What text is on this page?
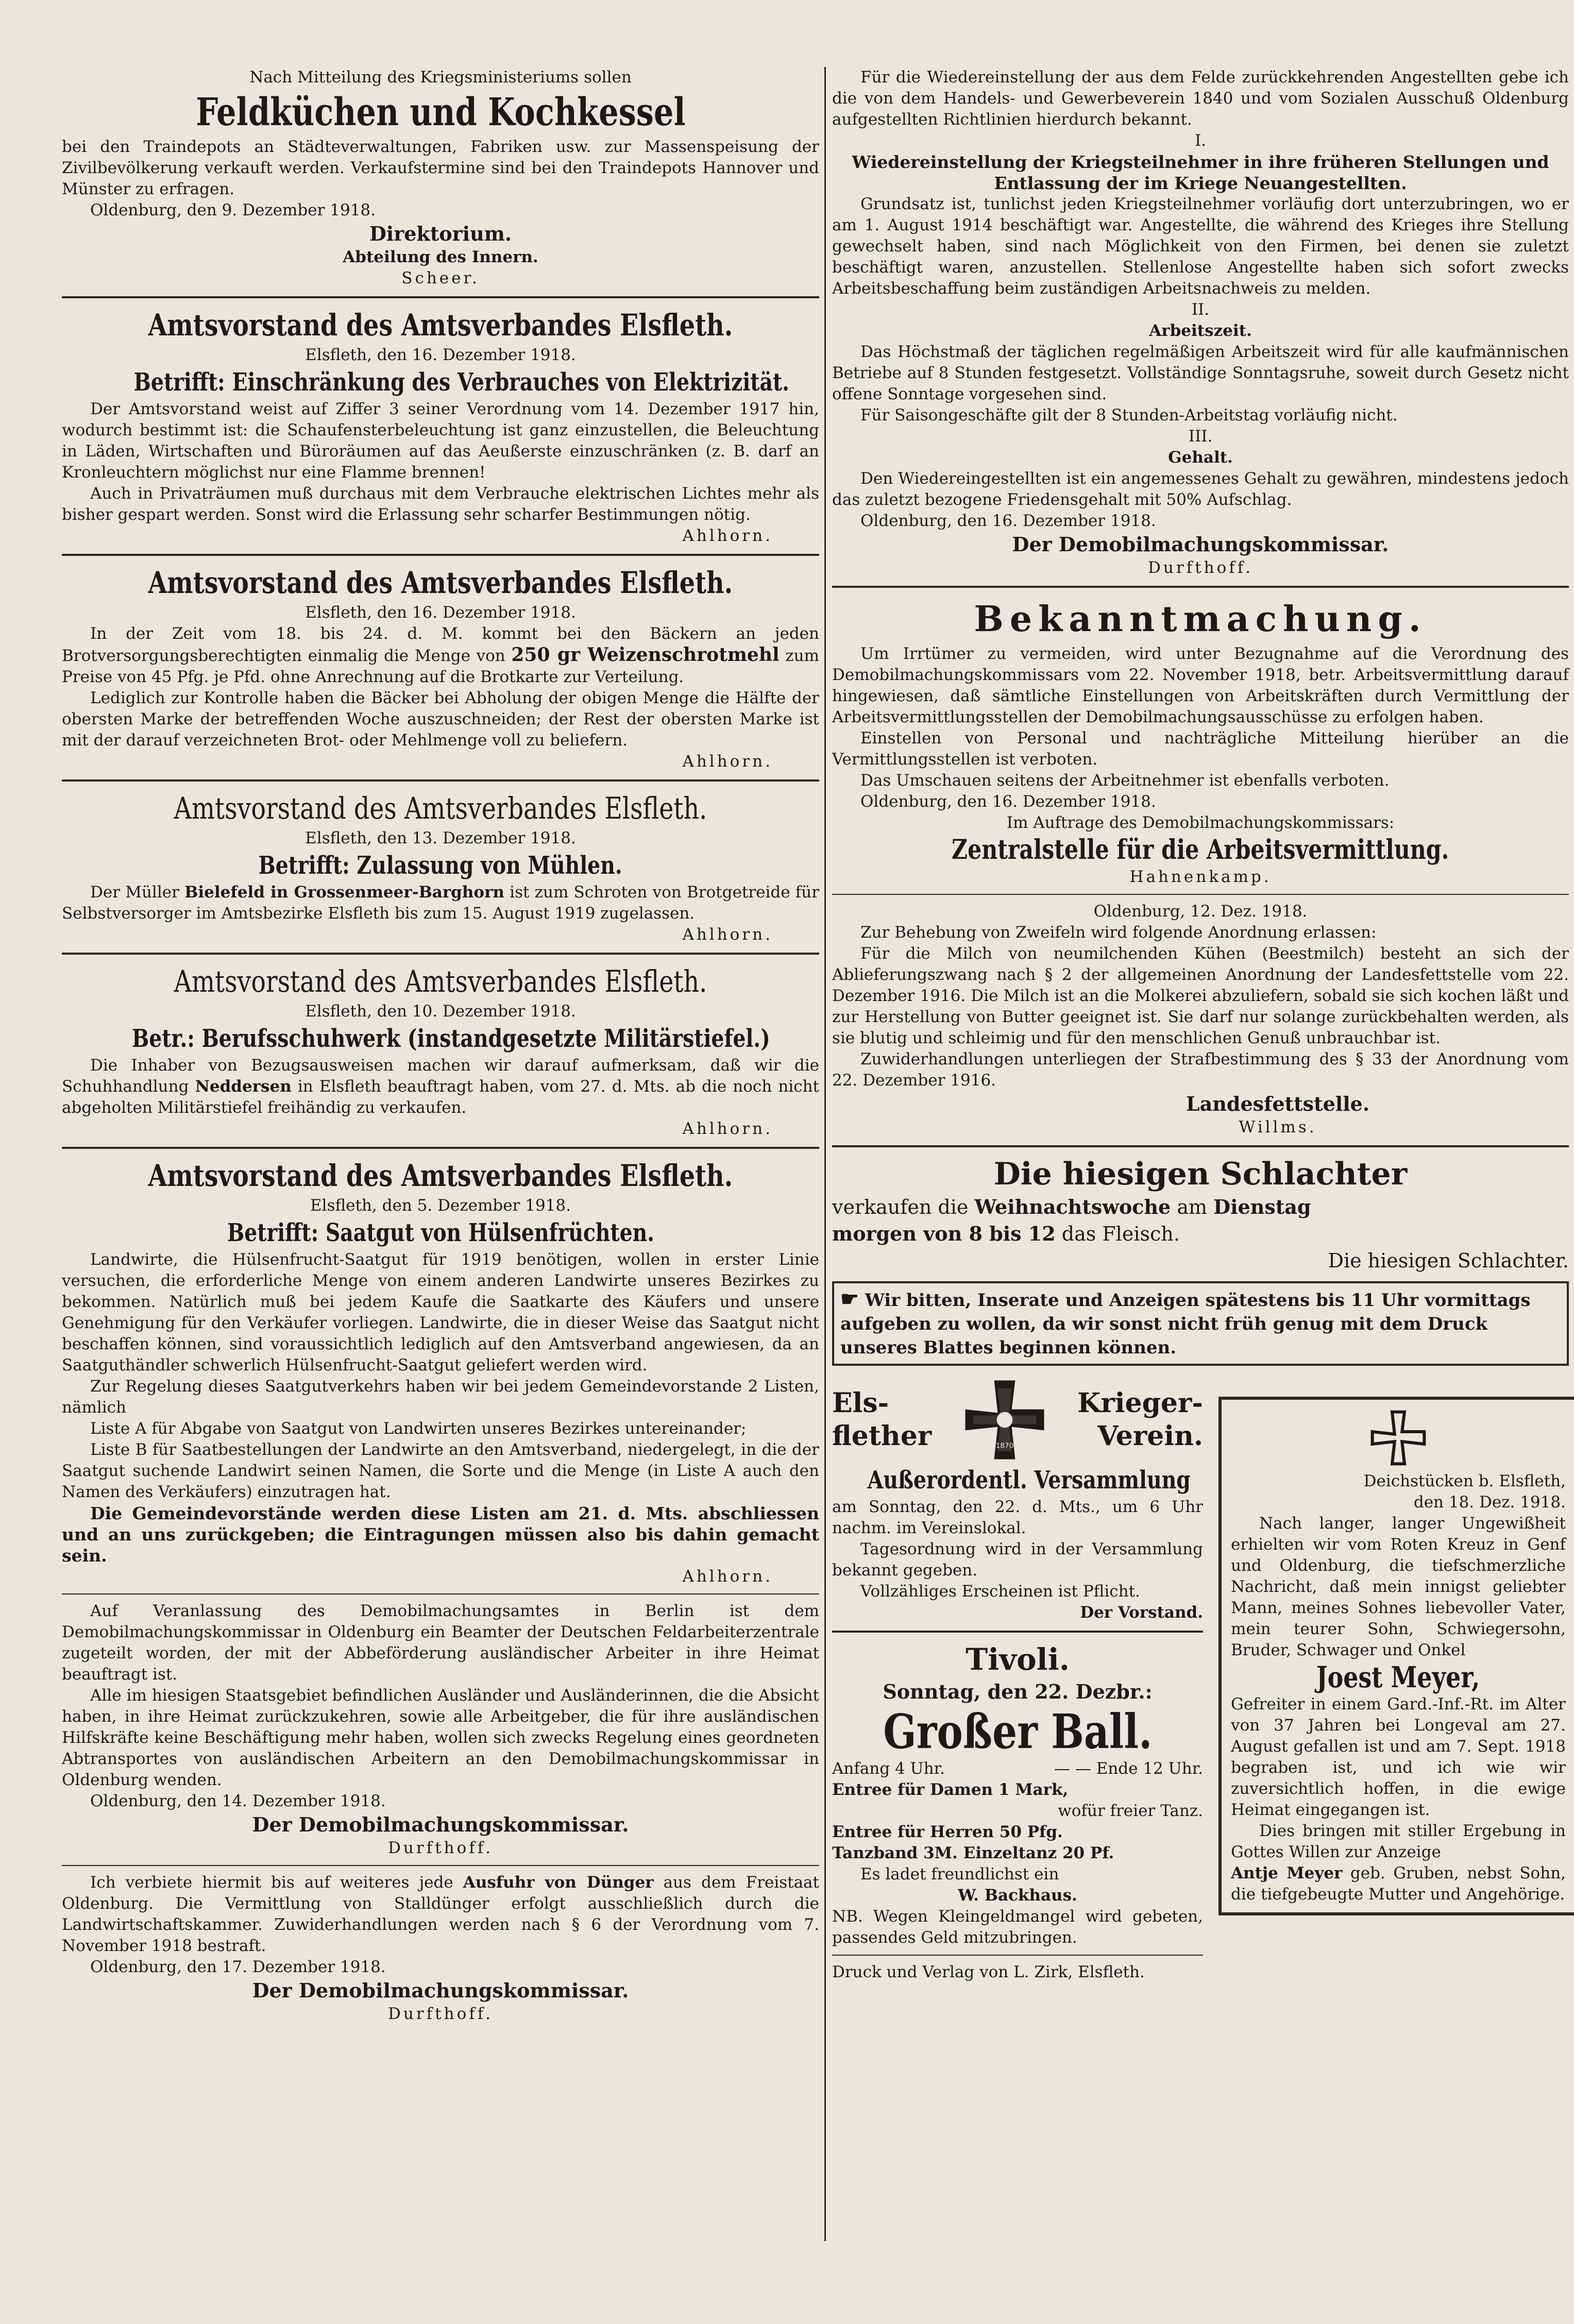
Nach Mitteilung des Kriegsministeriums sollen

Feldküchen und Kochkessel

bei den Traindepots an Städteverwaltungen, Fabriken usw. zur Massenspeisung der Zivilbevölkerung verkauft werden. Verkaufstermine sind bei den Traindepots Hannover und Münster zu erfragen.

Oldenburg, den 9. Dezember 1918.

Direktorium.

Abteilung des Innern.

Scheer.

Amtsvorstand des Amtsverbandes Elsfleth.

Elsfleth, den 16. Dezember 1918.

Betrifft: Einschränkung des Verbrauches von Elektrizität.

Der Amtsvorstand weist auf Ziffer 3 seiner Verordnung vom 14. Dezember 1917 hin, wodurch bestimmt ist: die Schaufensterbeleuchtung ist ganz einzustellen, die Beleuchtung in Läden, Wirtschaften und Büroräumen auf das Aeußerste einzuschränken (z. B. darf an Kronleuchtern möglichst nur eine Flamme brennen!

Auch in Privaträumen muß durchaus mit dem Verbrauche elektrischen Lichtes mehr als bisher gespart werden. Sonst wird die Erlassung sehr scharfer Bestimmungen nötig.

Ahlhorn.

Amtsvorstand des Amtsverbandes Elsfleth.

Elsfleth, den 16. Dezember 1918.

In der Zeit vom 18. bis 24. d. M. kommt bei den Bäckern an jeden Brotversorgungsberechtigten einmalig die Menge von 250 gr Weizenschrotmehl zum Preise von 45 Pfg. je Pfd. ohne Anrechnung auf die Brotkarte zur Verteilung.

Lediglich zur Kontrolle haben die Bäcker bei Abholung der obigen Menge die Hälfte der obersten Marke der betreffenden Woche auszuschneiden; der Rest der obersten Marke ist mit der darauf verzeichneten Brot- oder Mehlmenge voll zu beliefern.

Ahlhorn.

Amtsvorstand des Amtsverbandes Elsfleth.

Elsfleth, den 13. Dezember 1918.

Betrifft: Zulassung von Mühlen.

Der Müller Bielefeld in Grossenmeer-Barghorn ist zum Schroten von Brotgetreide für Selbstversorger im Amtsbezirke Elsfleth bis zum 15. August 1919 zugelassen.

Ahlhorn.

Amtsvorstand des Amtsverbandes Elsfleth.

Elsfleth, den 10. Dezember 1918.

Betr.: Berufsschuhwerk (instandgesetzte Militärstiefel.)

Die Inhaber von Bezugsausweisen machen wir darauf aufmerksam, daß wir die Schuhhandlung Neddersen in Elsfleth beauftragt haben, vom 27. d. Mts. ab die noch nicht abgeholten Militärstiefel freihändig zu verkaufen.

Ahlhorn.

Amtsvorstand des Amtsverbandes Elsfleth.

Elsfleth, den 5. Dezember 1918.

Betrifft: Saatgut von Hülsenfrüchten.

Landwirte, die Hülsenfrucht-Saatgut für 1919 benötigen, wollen in erster Linie versuchen, die erforderliche Menge von einem anderen Landwirte unseres Bezirkes zu bekommen. Natürlich muß bei jedem Kaufe die Saatkarte des Käufers und unsere Genehmigung für den Verkäufer vorliegen. Landwirte, die in dieser Weise das Saatgut nicht beschaffen können, sind voraussichtlich lediglich auf den Amtsverband angewiesen, da an Saatguthändler schwerlich Hülsenfrucht-Saatgut geliefert werden wird.

Zur Regelung dieses Saatgutverkehrs haben wir bei jedem Gemeindevorstande 2 Listen, nämlich

Liste A für Abgabe von Saatgut von Landwirten unseres Bezirkes untereinander;

Liste B für Saatbestellungen der Landwirte an den Amtsverband, niedergelegt, in die der Saatgut suchende Landwirt seinen Namen, die Sorte und die Menge (in Liste A auch den Namen des Verkäufers) einzutragen hat.

Die Gemeindevorstände werden diese Listen am 21. d. Mts. abschliessen und an uns zurückgeben; die Eintragungen müssen also bis dahin gemacht sein.

Ahlhorn.

Auf Veranlassung des Demobilmachungsamtes in Berlin ist dem Demobilmachungskommissar in Oldenburg ein Beamter der Deutschen Feldarbeiterzentrale zugeteilt worden, der mit der Abbeförderung ausländischer Arbeiter in ihre Heimat beauftragt ist.

Alle im hiesigen Staatsgebiet befindlichen Ausländer und Ausländerinnen, die die Absicht haben, in ihre Heimat zurückzukehren, sowie alle Arbeitgeber, die für ihre ausländischen Hilfskräfte keine Beschäftigung mehr haben, wollen sich zwecks Regelung eines geordneten Abtransportes von ausländischen Arbeitern an den Demobilmachungskommissar in Oldenburg wenden.

Oldenburg, den 14. Dezember 1918.

Der Demobilmachungskommissar.

Durfthoff.

Ich verbiete hiermit bis auf weiteres jede Ausfuhr von Dünger aus dem Freistaat Oldenburg. Die Vermittlung von Stalldünger erfolgt ausschließlich durch die Landwirtschaftskammer. Zuwiderhandlungen werden nach § 6 der Verordnung vom 7. November 1918 bestraft.

Oldenburg, den 17. Dezember 1918.

Der Demobilmachungskommissar.

Durfthoff.

Für die Wiedereinstellung der aus dem Felde zurückkehrenden Angestellten gebe ich die von dem Handels- und Gewerbeverein 1840 und vom Sozialen Ausschuß Oldenburg aufgestellten Richtlinien hierdurch bekannt.

I.

Wiedereinstellung der Kriegsteilnehmer in ihre früheren Stellungen und Entlassung der im Kriege Neuangestellten.

Grundsatz ist, tunlichst jeden Kriegsteilnehmer vorläufig dort unterzubringen, wo er am 1. August 1914 beschäftigt war. Angestellte, die während des Krieges ihre Stellung gewechselt haben, sind nach Möglichkeit von den Firmen, bei denen sie zuletzt beschäftigt waren, anzustellen. Stellenlose Angestellte haben sich sofort zwecks Arbeitsbeschaffung beim zuständigen Arbeitsnachweis zu melden.

II.

Arbeitszeit.

Das Höchstmaß der täglichen regelmäßigen Arbeitszeit wird für alle kaufmännischen Betriebe auf 8 Stunden festgesetzt. Vollständige Sonntagsruhe, soweit durch Gesetz nicht offene Sonntage vorgesehen sind.

Für Saisongeschäfte gilt der 8 Stunden-Arbeitstag vorläufig nicht.

III.

Gehalt.

Den Wiedereingestellten ist ein angemessenes Gehalt zu gewähren, mindestens jedoch das zuletzt bezogene Friedensgehalt mit 50% Aufschlag.

Oldenburg, den 16. Dezember 1918.

Der Demobilmachungskommissar.

Durfthoff.

Bekanntmachung.

Um Irrtümer zu vermeiden, wird unter Bezugnahme auf die Verordnung des Demobilmachungskommissars vom 22. November 1918, betr. Arbeitsvermittlung darauf hingewiesen, daß sämtliche Einstellungen von Arbeitskräften durch Vermittlung der Arbeitsvermittlungsstellen der Demobilmachungsausschüsse zu erfolgen haben.

Einstellen von Personal und nachträgliche Mitteilung hierüber an die Vermittlungsstellen ist verboten.

Das Umschauen seitens der Arbeitnehmer ist ebenfalls verboten.

Oldenburg, den 16. Dezember 1918.

Im Auftrage des Demobilmachungskommissars:

Zentralstelle für die Arbeitsvermittlung.

Hahnenkamp.

Oldenburg, 12. Dez. 1918.

Zur Behebung von Zweifeln wird folgende Anordnung erlassen:

Für die Milch von neumilchenden Kühen (Beestmilch) besteht an sich der Ablieferungszwang nach § 2 der allgemeinen Anordnung der Landesfettstelle vom 22. Dezember 1916. Die Milch ist an die Molkerei abzuliefern, sobald sie sich kochen läßt und zur Herstellung von Butter geeignet ist. Sie darf nur solange zurückbehalten werden, als sie blutig und schleimig und für den menschlichen Genuß unbrauchbar ist.

Zuwiderhandlungen unterliegen der Strafbestimmung des § 33 der Anordnung vom 22. Dezember 1916.

Landesfettstelle.

Willms.

Die hiesigen Schlachter

verkaufen die Weihnachtswoche am Dienstag

morgen von 8 bis 12 das Fleisch.

Die hiesigen Schlachter.

☛ Wir bitten, Inserate und Anzeigen spätestens bis 11 Uhr vormittags aufgeben zu wollen, da wir sonst nicht früh genug mit dem Druck unseres Blattes beginnen können.

Els-
flether	1870
Krieger-
Verein.

Außerordentl. Versammlung

am Sonntag, den 22. d. Mts., um 6 Uhr nachm. im Vereinslokal.

Tagesordnung wird in der Versammlung bekannt gegeben.

Vollzähliges Erscheinen ist Pflicht.

Der Vorstand.

Tivoli.

Sonntag, den 22. Dezbr.:

Großer Ball.

Anfang 4 Uhr.	— — Ende 12 Uhr.

Entree für Damen 1 Mark,

wofür freier Tanz.

Entree für Herren 50 Pfg.

Tanzband 3M. Einzeltanz 20 Pf.

Es ladet freundlichst ein

W. Backhaus.

NB. Wegen Kleingeldmangel wird gebeten, passendes Geld mitzubringen.

Druck und Verlag von L. Zirk, Elsfleth.

Deichstücken b. Elsfleth,

den 18. Dez. 1918.

Nach langer, langer Ungewißheit erhielten wir vom Roten Kreuz in Genf und Oldenburg, die tiefschmerzliche Nachricht, daß mein innigst geliebter Mann, meines Sohnes liebevoller Vater, mein teurer Sohn, Schwiegersohn, Bruder, Schwager und Onkel

Joest Meyer,

Gefreiter in einem Gard.-Inf.-Rt. im Alter von 37 Jahren bei Longeval am 27. August gefallen ist und am 7. Sept. 1918 begraben ist, und ich wie wir zuversichtlich hoffen, in die ewige Heimat eingegangen ist.

Dies bringen mit stiller Ergebung in Gottes Willen zur Anzeige

Antje Meyer geb. Gruben, nebst Sohn, die tiefgebeugte Mutter und Angehörige.
